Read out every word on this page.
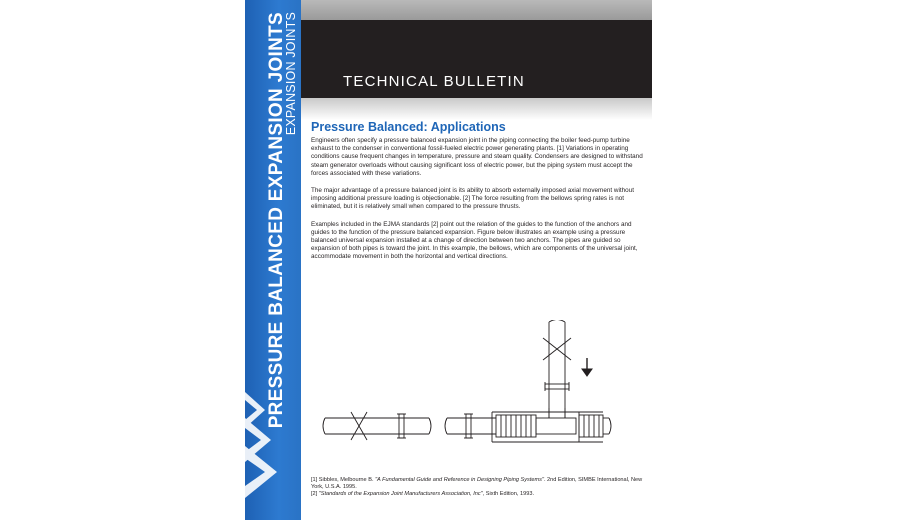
TECHNICAL BULLETIN
EXPANSION JOINTS
PRESSURE BALANCED EXPANSION JOINTS Pressure Balanced: Applications

Engineers often specify a pressure balanced expansion joint in the piping connecting the boiler feed-pump turbine exhaust to the condenser in conventional fossil-fueled electric power generating plants. [1] Variations in operating conditions cause frequent changes in temperature, pressure and steam quality. Condensers are designed to withstand steam generator overloads without causing significant loss of electric power, but the piping system must accept the forces associated with these variations.

The major advantage of a pressure balanced joint is its ability to absorb externally imposed axial movement without imposing additional pressure loading is objectionable. [2] The force resulting from the bellows spring rates is not eliminated, but it is relatively small when compared to the pressure thrusts.

Examples included in the EJMA standards [2] point out the relation of the guides to the function of the anchors and guides to the function of the pressure balanced expansion. Figure below illustrates an example using a pressure balanced universal expansion installed at a change of direction between two anchors. The pipes are guided so expansion of both pipes is toward the joint. In this example, the bellows, which are components of the universal joint, accommodate movement in both the horizontal and vertical directions.

[1] Sibbles, Melbourne B. "A Fundamental Guide and Reference in Designing Piping Systems". 2nd Edition, SIMBE International, New York, U.S.A. 1995.

[2] "Standards of the Expansion Joint Manufacturers Association, Inc", Sixth Edition, 1993.
